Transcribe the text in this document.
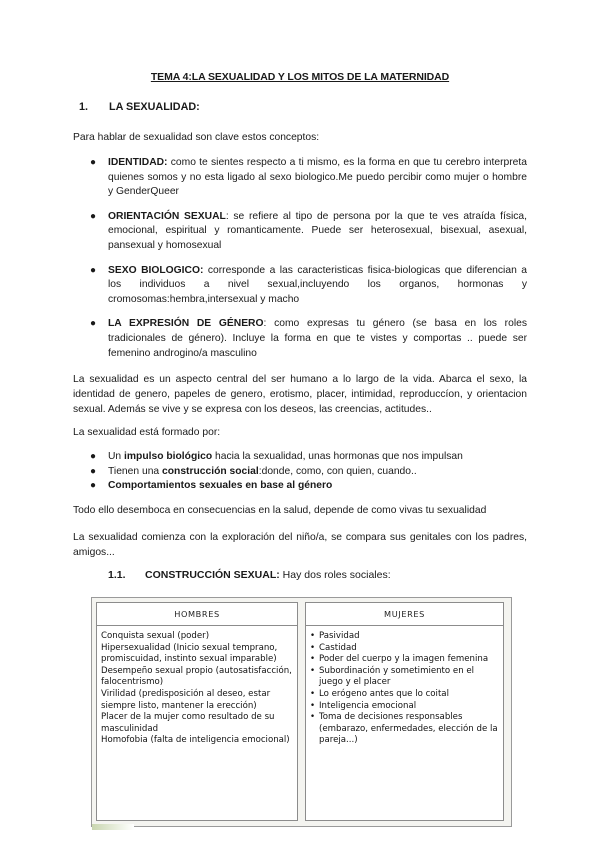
TEMA 4:LA SEXUALIDAD Y LOS MITOS DE LA MATERNIDAD
1. LA SEXUALIDAD:
Para hablar de sexualidad son clave estos conceptos:
● IDENTIDAD: como te sientes respecto a ti mismo, es la forma en que tu cerebro interpreta quienes somos y no esta ligado al sexo biologico.Me puedo percibir como mujer o hombre y GenderQueer
● ORIENTACIÓN SEXUAL: se refiere al tipo de persona por la que te ves atraída física, emocional, espiritual y romanticamente. Puede ser heterosexual, bisexual, asexual, pansexual y homosexual
● SEXO BIOLOGICO: corresponde a las caracteristicas fisica-biologicas que diferencian a los individuos a nivel sexual,incluyendo los organos, hormonas y cromosomas:hembra,intersexual y macho
● LA EXPRESIÓN DE GÉNERO: como expresas tu género (se basa en los roles tradicionales de género). Incluye la forma en que te vistes y comportas .. puede ser femenino androgino/a masculino
La sexualidad es un aspecto central del ser humano a lo largo de la vida. Abarca el sexo, la identidad de genero, papeles de genero, erotismo, placer, intimidad, reproduccíon, y orientacion sexual. Además se vive y se expresa con los deseos, las creencias, actitudes..
La sexualidad está formado por:
● Un impulso biológico hacia la sexualidad, unas hormonas que nos impulsan
● Tienen una construcción social:donde, como, con quien, cuando..
● Comportamientos sexuales en base al género
Todo ello desemboca en consecuencias en la salud, depende de como vivas tu sexualidad
La sexualidad comienza con la exploración del niño/a, se compara sus genitales con los padres, amigos...
1.1. CONSTRUCCIÓN SEXUAL: Hay dos roles sociales:
HOMBRES
Conquista sexual (poder)
Hipersexualidad (Inicio sexual temprano, promiscuidad, instinto sexual imparable)
Desempeño sexual propio (autosatisfacción, falocentrismo)
Virilidad (predisposición al deseo, estar siempre listo, mantener la erección)
Placer de la mujer como resultado de su masculinidad
Homofobia (falta de inteligencia emocional)
MUJERES
• Pasividad
• Castidad
• Poder del cuerpo y la imagen femenina
• Subordinación y sometimiento en el juego y el placer
• Lo erógeno antes que lo coital
• Inteligencia emocional
• Toma de decisiones responsables (embarazo, enfermedades, elección de la pareja...)
